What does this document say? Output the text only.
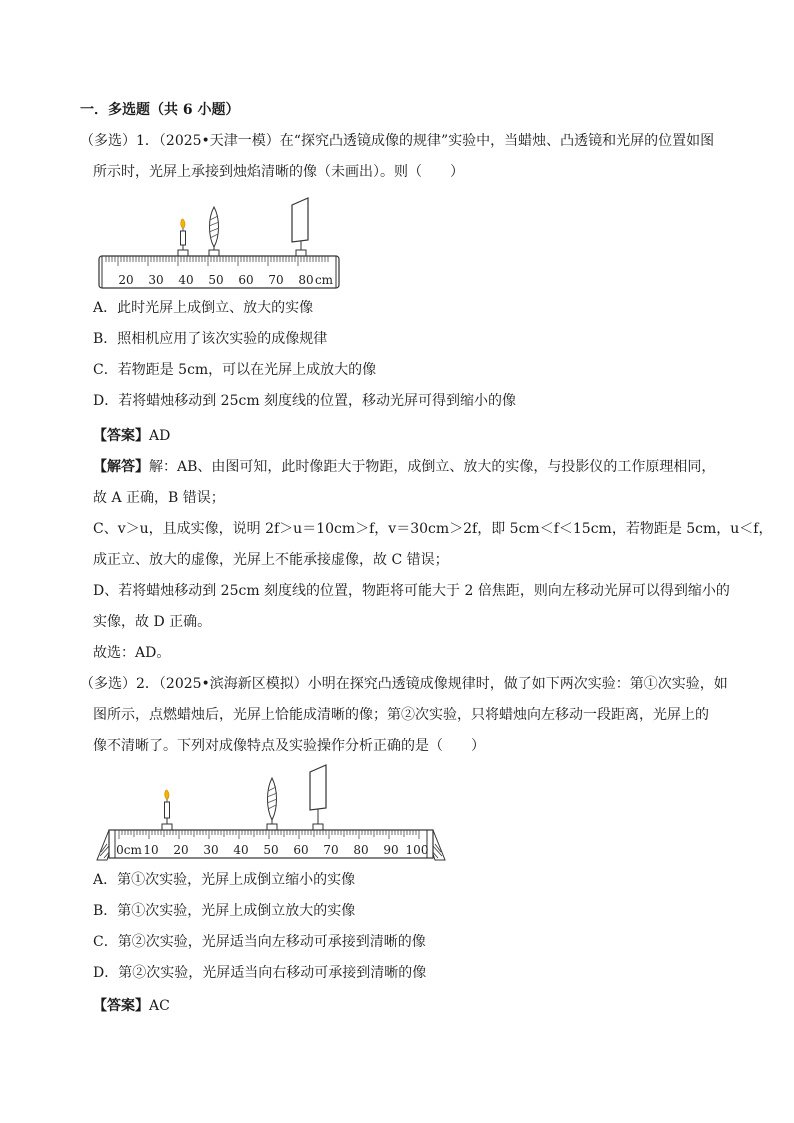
一．多选题（共 6 小题）
（多选）1．（2025•天津一模）在“探究凸透镜成像的规律”实验中，当蜡烛、凸透镜和光屏的位置如图
所示时，光屏上承接到烛焰清晰的像（未画出）。则（　　）
20 30 40 50 60 70 80 cm
A．此时光屏上成倒立、放大的实像
B．照相机应用了该次实验的成像规律
C．若物距是 5cm，可以在光屏上成放大的像
D．若将蜡烛移动到 25cm 刻度线的位置，移动光屏可得到缩小的像
【答案】AD
【解答】解：AB、由图可知，此时像距大于物距，成倒立、放大的实像，与投影仪的工作原理相同，
故 A 正确，B 错误；
C、v＞u，且成实像，说明 2f＞u＝10cm＞f，v＝30cm＞2f，即 5cm＜f＜15cm，若物距是 5cm，u＜f，
成正立、放大的虚像，光屏上不能承接虚像，故 C 错误；
D、若将蜡烛移动到 25cm 刻度线的位置，物距将可能大于 2 倍焦距，则向左移动光屏可以得到缩小的
实像，故 D 正确。
故选：AD。
（多选）2．（2025•滨海新区模拟）小明在探究凸透镜成像规律时，做了如下两次实验：第①次实验，如
图所示，点燃蜡烛后，光屏上恰能成清晰的像；第②次实验，只将蜡烛向左移动一段距离，光屏上的
像不清晰了。下列对成像特点及实验操作分析正确的是（　　）
0cm 10 20 30 40 50 60 70 80 90 100
A．第①次实验，光屏上成倒立缩小的实像
B．第①次实验，光屏上成倒立放大的实像
C．第②次实验，光屏适当向左移动可承接到清晰的像
D．第②次实验，光屏适当向右移动可承接到清晰的像
【答案】AC
